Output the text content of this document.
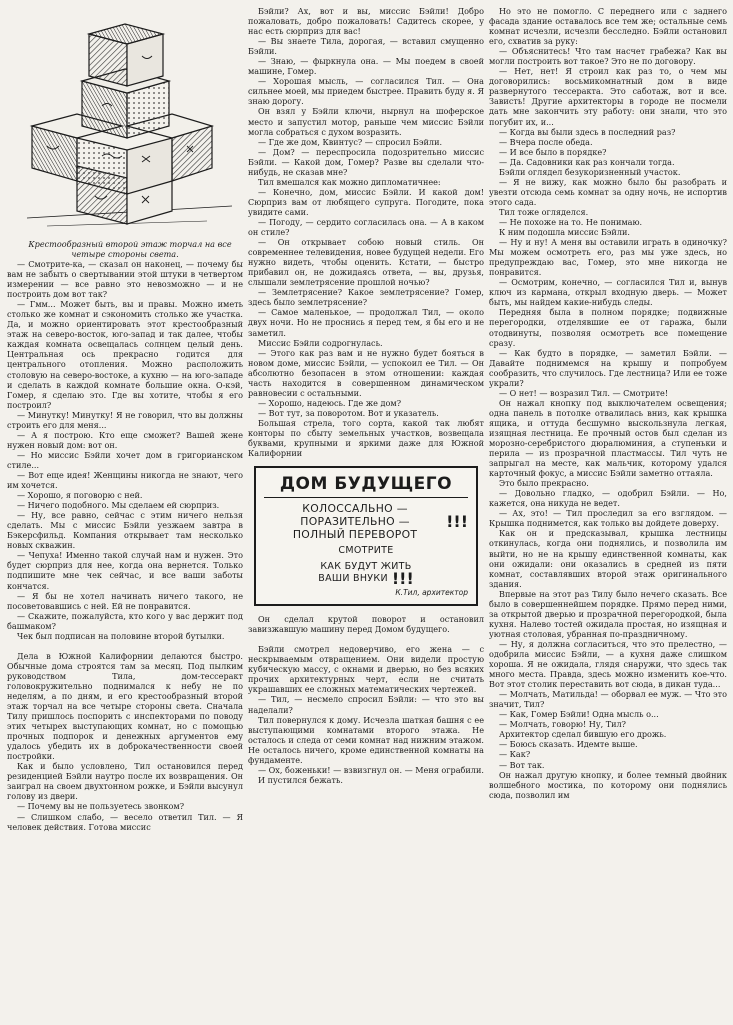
Крестообразный второй этаж торчал на все четыре стороны света.

— Смотрите-ка, — сказал он наконец, — почему бы вам не забыть о свертывании этой штуки в четвертом измерении — все равно это невозможно — и не построить дом вот так?

— Гмм... Может быть, вы и правы. Можно иметь столько же комнат и сэкономить столько же участка. Да, и можно ориентировать этот крестообразный этаж на северо-восток, юго-запад и так далее, чтобы каждая комната освещалась солнцем целый день. Центральная ось прекрасно годится для центрального отопления. Можно расположить столовую на северо-востоке, а кухню — на юго-западе и сделать в каждой комнате большие окна. О-кэй, Гомер, я сделаю это. Где вы хотите, чтобы я его построил?

— Минутку! Минутку! Я не говорил, что вы должны строить его для меня...

— А я построю. Кто еще сможет? Вашей жене нужен новый дом: вот он.

— Но миссис Бэйли хочет дом в григорианском стиле...

— Вот еще идея! Женщины никогда не знают, чего им хочется.

— Хорошо, я поговорю с ней.

— Ничего подобного. Мы сделаем ей сюрприз.

— Ну, все равно, сейчас с этим ничего нельзя сделать. Мы с миссис Бэйли уезжаем завтра в Бэкерсфильд. Компания открывает там несколько новых скважин.

— Чепуха! Именно такой случай нам и нужен. Это будет сюрприз для нее, когда она вернется. Только подпишите мне чек сейчас, и все ваши заботы кончатся.

— Я бы не хотел начинать ничего такого, не посоветовавшись с ней. Ей не понравится.

— Скажите, пожалуйста, кто кого у вас держит под башмаком?

Чек был подписан на половине второй бутылки.

Дела в Южной Калифорнии делаются быстро. Обычные дома строятся там за месяц. Под пылким руководством Тила, дом-тессеракт головокружительно поднимался к небу не по неделям, а по дням, и его крестообразный второй этаж торчал на все четыре стороны света. Сначала Тилу пришлось поспорить с инспекторами по поводу этих четырех выступающих комнат, но с помощью прочных подпорок и денежных аргументов ему удалось убедить их в доброкачественности своей постройки.

Как и было условлено, Тил остановился перед резиденцией Бэйли наутро после их возвращения. Он заиграл на своем двухтонном рожке, и Бэйли высунул голову из двери.

— Почему вы не пользуетесь звонком?

— Слишком слабо, — весело ответил Тил. — Я человек действия. Готова миссис

Бэйли? Ах, вот и вы, миссис Бэйли! Добро пожаловать, добро пожаловать! Садитесь скорее, у нас есть сюрприз для вас!

— Вы знаете Тила, дорогая, — вставил смущенно Бэйли.

— Знаю, — фыркнула она. — Мы поедем в своей машине, Гомер.

— Хорошая мысль, — согласился Тил. — Она сильнее моей, мы приедем быстрее. Править буду я. Я знаю дорогу.

Он взял у Бэйли ключи, нырнул на шоферское место и запустил мотор, раньше чем миссис Бэйли могла собраться с духом возразить.

— Где же дом, Квинтус? — спросил Бэйли.

— Дом? — переспросила подозрительно миссис Бэйли. — Какой дом, Гомер? Разве вы сделали что-нибудь, не сказав мне?

Тил вмешался как можно дипломатичнее:

— Конечно, дом, миссис Бэйли. И какой дом! Сюрприз вам от любящего супруга. Погодите, пока увидите сами.

— Погоду, — сердито согласилась она. — А в каком он стиле?

— Он открывает собою новый стиль. Он современнее телевидения, новее будущей недели. Его нужно видеть, чтобы оценить. Кстати, — быстро прибавил он, не дожидаясь ответа, — вы, друзья, слышали землетрясение прошлой ночью?

— Землетрясение? Какое землетрясение? Гомер, здесь было землетрясение?

— Самое маленькое, — продолжал Тил, — около двух ночи. Но не проснись я перед тем, я бы его и не заметил.

Миссис Бэйли содрогнулась.

— Этого как раз вам и не нужно будет бояться в новом доме, миссис Бэйли, — успокоил ее Тил. — Он абсолютно безопасен в этом отношении: каждая часть находится в совершенном динамическом равновесии с остальными.

— Хорошо, надеюсь. Где же дом?

— Вот тут, за поворотом. Вот и указатель.

Большая стрела, того сорта, какой так любят конторы по сбыту земельных участков, возвещала буквами, крупными и яркими даже для Южной Калифорнии

ДОМ БУДУЩЕГО
КОЛОССАЛЬНО —
ПОРАЗИТЕЛЬНО —
ПОЛНЫЙ ПЕРЕВОРОТ
!!!
СМОТРИТЕ
КАК БУДУТ ЖИТЬ
ВАШИ ВНУКИ !!!
К.Тил, архитектор

Он сделал крутой поворот и остановил завизжавшую машину перед Домом будущего.

Бэйли смотрел недоверчиво, его жена — с нескрываемым отвращением. Они видели простую кубическую массу, с окнами и дверью, но без всяких прочих архитектурных черт, если не считать украшавших ее сложных математических чертежей.

— Тил, — несмело спросил Бэйли: — что это вы наделали?

Тил повернулся к дому. Исчезла шаткая башня с ее выступающими комнатами второго этажа. Не осталось и следа от семи комнат над нижним этажом. Не осталось ничего, кроме единственной комнаты на фундаменте.

— Ох, боженьки! — взвизгнул он. — Меня ограбили.

И пустился бежать.

Но это не помогло. С переднего или с заднего фасада здание оставалось все тем же; остальные семь комнат исчезли, исчезли бесследно. Бэйли остановил его, схватив за руку:

— Объяснитесь! Что там насчет грабежа? Как вы могли построить вот такое? Это не по договору.

— Нет, нет! Я строил как раз то, о чем мы договорились: восьмикомнатный дом в виде развернутого тессеракта. Это саботаж, вот и все. Зависть! Другие архитекторы в городе не посмели дать мне закончить эту работу: они знали, что это погубит их, и...

— Когда вы были здесь в последний раз?

— Вчера после обеда.

— И все было в порядке?

— Да. Садовники как раз кончали тогда.

Бэйли оглядел безукоризненный участок.

— Я не вижу, как можно было бы разобрать и увезти отсюда семь комнат за одну ночь, не испортив этого сада.

Тил тоже огляделся.

— Не похоже на то. Не понимаю.

К ним подошла миссис Бэйли.

— Ну и ну! А меня вы оставили играть в одиночку? Мы можем осмотреть его, раз мы уже здесь, но предупреждаю вас, Гомер, это мне никогда не понравится.

— Осмотрим, конечно, — согласился Тил и, вынув ключ из кармана, открыл входную дверь. — Может быть, мы найдем какие-нибудь следы.

Передняя была в полном порядке; подвижные перегородки, отделявшие ее от гаража, были отодвинуты, позволяя осмотреть все помещение сразу.

— Как будто в порядке, — заметил Бэйли. — Давайте поднимемся на крышу и попробуем сообразить, что случилось. Где лестница? Или ее тоже украли?

— О нет! — возразил Тил. — Смотрите!

Он нажал кнопку под выключателем освещения; одна панель в потолке отвалилась вниз, как крышка ящика, и оттуда бесшумно выскользнула легкая, изящная лестница. Ее прочный остов был сделан из морозно-серебристого дюралюминия, а ступеньки и перила — из прозрачной пластмассы. Тил чуть не запрыгал на месте, как мальчик, которому удался карточный фокус, а миссис Бэйли заметно оттаяла.

Это было прекрасно.

— Довольно гладко, — одобрил Бэйли. — Но, кажется, она никуда не ведет.

— Ах, это! — Тил проследил за его взглядом. — Крышка поднимется, как только вы дойдете доверху.

Как он и предсказывал, крышка лестницы откинулась, когда они поднялись, и позволила им выйти, но не на крышу единственной комнаты, как они ожидали: они оказались в средней из пяти комнат, составлявших второй этаж оригинального здания.

Впервые на этот раз Тилу было нечего сказать. Все было в совершеннейшем порядке. Прямо перед ними, за открытой дверью и прозрачной перегородкой, была кухня. Налево тостей ожидала простая, но изящная и уютная столовая, убранная по-праздничному.

— Ну, я должна согласиться, что это прелестно, — одобрила миссис Бэйли, — а кухня даже слишком хороша. Я не ожидала, глядя снаружи, что здесь так много места. Правда, здесь можно изменить кое-что. Вот этот столик переставить вот сюда, в дикан туда...

— Молчать, Матильда! — оборвал ее муж. — Что это значит, Тил?

— Как, Гомер Бэйли! Одна мысль о...

— Молчать, говорю! Ну, Тил?

Архитектор сделал бившую его дрожь.

— Боюсь сказать. Идемте выше.

— Как?

— Вот так.

Он нажал другую кнопку, и более темный двойник волшебного мостика, по которому они поднялись сюда, позволил им
